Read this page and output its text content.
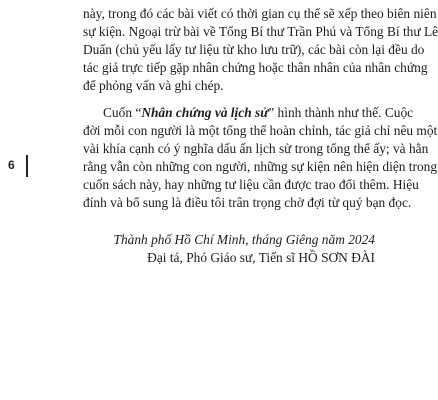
này, trong đó các bài viết có thời gian cụ thể sẽ xếp theo biên niên

sự kiện. Ngoại trừ bài về Tổng Bí thư Trần Phú và Tổng Bí thư Lê

Duẩn (chủ yếu lấy tư liệu từ kho lưu trữ), các bài còn lại đều do

tác giả trực tiếp gặp nhân chứng hoặc thân nhân của nhân chứng

để phỏng vấn và ghi chép.

Cuốn “Nhân chứng và lịch sử” hình thành như thế. Cuộc

đời mỗi con người là một tổng thể hoàn chỉnh, tác giả chỉ nêu một

vài khía cạnh có ý nghĩa dấu ấn lịch sử trong tổng thể ấy; và hằn

rằng vẫn còn những con người, những sự kiện nên hiện diện trong

cuốn sách này, hay những tư liệu cần được trao đổi thêm. Hiệu

đính và bổ sung là điều tôi trân trọng chờ đợi từ quý bạn đọc.

6

Thành phố Hồ Chí Minh, tháng Giêng năm 2024

Đại tá, Phó Giáo sư, Tiến sĩ HỒ SƠN ĐÀI
